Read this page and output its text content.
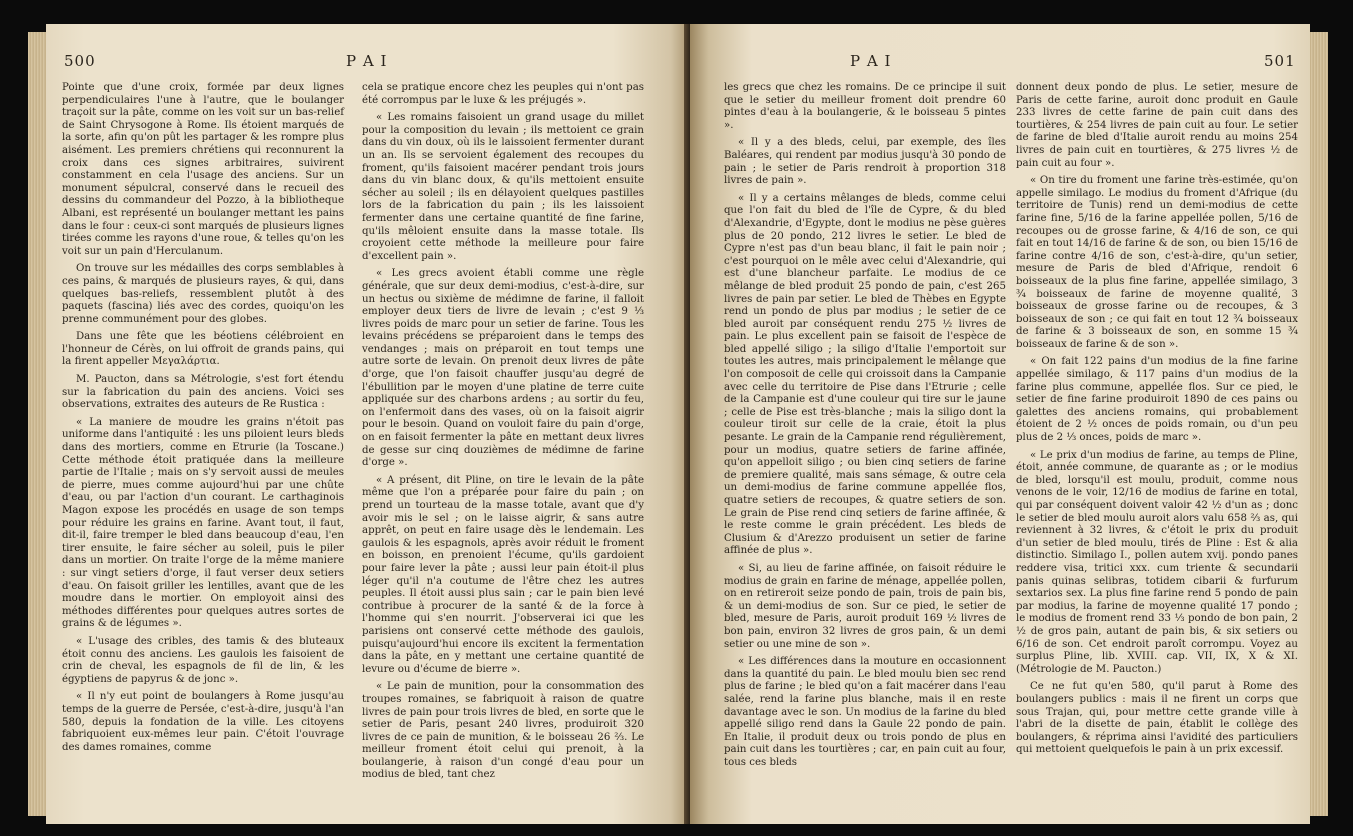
500	P A I

Pointe que d'une croix, formée par deux lignes perpendiculaires l'une à l'autre, que le boulanger traçoit sur la pâte, comme on les voit sur un bas-relief de Saint Chrysogone à Rome. Ils étoient marqués de la sorte, afin qu'on pût les partager & les rompre plus aisément. Les premiers chrétiens qui reconnurent la croix dans ces signes arbitraires, suivirent constamment en cela l'usage des anciens. Sur un monument sépulcral, conservé dans le recueil des dessins du commandeur del Pozzo, à la bibliotheque Albani, est représenté un boulanger mettant les pains dans le four : ceux-ci sont marqués de plusieurs lignes tirées comme les rayons d'une roue, & telles qu'on les voit sur un pain d'Herculanum.

On trouve sur les médailles des corps semblables à ces pains, & marqués de plusieurs rayes, & qui, dans quelques bas-reliefs, ressemblent plutôt à des paquets (fascina) liés avec des cordes, quoiqu'on les prenne communément pour des globes.

Dans une fête que les béotiens célébroient en l'honneur de Cérès, on lui offroit de grands pains, qui la firent appeller Μεγαλάρτια.

M. Paucton, dans sa Métrologie, s'est fort étendu sur la fabrication du pain des anciens. Voici ses observations, extraites des auteurs de Re Rustica :

« La maniere de moudre les grains n'étoit pas uniforme dans l'antiquité : les uns piloient leurs bleds dans des mortiers, comme en Etrurie (la Toscane.) Cette méthode étoit pratiquée dans la meilleure partie de l'Italie ; mais on s'y servoit aussi de meules de pierre, mues comme aujourd'hui par une chûte d'eau, ou par l'action d'un courant. Le carthaginois Magon expose les procédés en usage de son temps pour réduire les grains en farine. Avant tout, il faut, dit-il, faire tremper le bled dans beaucoup d'eau, l'en tirer ensuite, le faire sécher au soleil, puis le piler dans un mortier. On traite l'orge de la même maniere : sur vingt setiers d'orge, il faut verser deux setiers d'eau. On faisoit griller les lentilles, avant que de les moudre dans le mortier. On employoit ainsi des méthodes différentes pour quelques autres sortes de grains & de légumes ».

« L'usage des cribles, des tamis & des bluteaux étoit connu des anciens. Les gaulois les faisoient de crin de cheval, les espagnols de fil de lin, & les égyptiens de papyrus & de jonc ».

« Il n'y eut point de boulangers à Rome jusqu'au temps de la guerre de Persée, c'est-à-dire, jusqu'à l'an 580, depuis la fondation de la ville. Les citoyens fabriquoient eux-mêmes leur pain. C'étoit l'ouvrage des dames romaines, comme

cela se pratique encore chez les peuples qui n'ont pas été corrompus par le luxe & les préjugés ».

« Les romains faisoient un grand usage du millet pour la composition du levain ; ils mettoient ce grain dans du vin doux, où ils le laissoient fermenter durant un an. Ils se servoient également des recoupes du froment, qu'ils faisoient macérer pendant trois jours dans du vin blanc doux, & qu'ils mettoient ensuite sécher au soleil ; ils en délayoient quelques pastilles lors de la fabrication du pain ; ils les laissoient fermenter dans une certaine quantité de fine farine, qu'ils mêloient ensuite dans la masse totale. Ils croyoient cette méthode la meilleure pour faire d'excellent pain ».

« Les grecs avoient établi comme une règle générale, que sur deux demi-modius, c'est-à-dire, sur un hectus ou sixième de médimne de farine, il falloit employer deux tiers de livre de levain ; c'est 9 ⅓ livres poids de marc pour un setier de farine. Tous les levains précédens se préparoient dans le temps des vendanges ; mais on préparoit en tout temps une autre sorte de levain. On prenoit deux livres de pâte d'orge, que l'on faisoit chauffer jusqu'au degré de l'ébullition par le moyen d'une platine de terre cuite appliquée sur des charbons ardens ; au sortir du feu, on l'enfermoit dans des vases, où on la faisoit aigrir pour le besoin. Quand on vouloit faire du pain d'orge, on en faisoit fermenter la pâte en mettant deux livres de gesse sur cinq douzièmes de médimne de farine d'orge ».

« A présent, dit Pline, on tire le levain de la pâte même que l'on a préparée pour faire du pain ; on prend un tourteau de la masse totale, avant que d'y avoir mis le sel ; on le laisse aigrir, & sans autre apprêt, on peut en faire usage dès le lendemain. Les gaulois & les espagnols, après avoir réduit le froment en boisson, en prenoient l'écume, qu'ils gardoient pour faire lever la pâte ; aussi leur pain étoit-il plus léger qu'il n'a coutume de l'être chez les autres peuples. Il étoit aussi plus sain ; car le pain bien levé contribue à procurer de la santé & de la force à l'homme qui s'en nourrit. J'observerai ici que les parisiens ont conservé cette méthode des gaulois, puisqu'aujourd'hui encore ils excitent la fermentation dans la pâte, en y mettant une certaine quantité de levure ou d'écume de bierre ».

« Le pain de munition, pour la consommation des troupes romaines, se fabriquoit à raison de quatre livres de pain pour trois livres de bled, en sorte que le setier de Paris, pesant 240 livres, produiroit 320 livres de ce pain de munition, & le boisseau 26 ⅔. Le meilleur froment étoit celui qui prenoit, à la boulangerie, à raison d'un congé d'eau pour un modius de bled, tant chez

P A I	501

les grecs que chez les romains. De ce principe il suit que le setier du meilleur froment doit prendre 60 pintes d'eau à la boulangerie, & le boisseau 5 pintes ».

« Il y a des bleds, celui, par exemple, des îles Baléares, qui rendent par modius jusqu'à 30 pondo de pain ; le setier de Paris rendroit à proportion 318 livres de pain ».

« Il y a certains mêlanges de bleds, comme celui que l'on fait du bled de l'île de Cypre, & du bled d'Alexandrie, d'Egypte, dont le modius ne pèse guères plus de 20 pondo, 212 livres le setier. Le bled de Cypre n'est pas d'un beau blanc, il fait le pain noir ; c'est pourquoi on le mêle avec celui d'Alexandrie, qui est d'une blancheur parfaite. Le modius de ce mêlange de bled produit 25 pondo de pain, c'est 265 livres de pain par setier. Le bled de Thèbes en Egypte rend un pondo de plus par modius ; le setier de ce bled auroit par conséquent rendu 275 ½ livres de pain. Le plus excellent pain se faisoit de l'espèce de bled appellé siligo ; la siligo d'Italie l'emportoit sur toutes les autres, mais principalement le mêlange que l'on composoit de celle qui croissoit dans la Campanie avec celle du territoire de Pise dans l'Etrurie ; celle de la Campanie est d'une couleur qui tire sur le jaune ; celle de Pise est très-blanche ; mais la siligo dont la couleur tiroit sur celle de la craie, étoit la plus pesante. Le grain de la Campanie rend régulièrement, pour un modius, quatre setiers de farine affinée, qu'on appelloit siligo ; ou bien cinq setiers de farine de premiere qualité, mais sans sémage, & outre cela un demi-modius de farine commune appellée flos, quatre setiers de recoupes, & quatre setiers de son. Le grain de Pise rend cinq setiers de farine affinée, & le reste comme le grain précédent. Les bleds de Clusium & d'Arezzo produisent un setier de farine affinée de plus ».

« Si, au lieu de farine affinée, on faisoit réduire le modius de grain en farine de ménage, appellée pollen, on en retireroit seize pondo de pain, trois de pain bis, & un demi-modius de son. Sur ce pied, le setier de bled, mesure de Paris, auroit produit 169 ½ livres de bon pain, environ 32 livres de gros pain, & un demi setier ou une mine de son ».

« Les différences dans la mouture en occasionnent dans la quantité du pain. Le bled moulu bien sec rend plus de farine ; le bled qu'on a fait macérer dans l'eau salée, rend la farine plus blanche, mais il en reste davantage avec le son. Un modius de la farine du bled appellé siligo rend dans la Gaule 22 pondo de pain. En Italie, il produit deux ou trois pondo de plus en pain cuit dans les tourtières ; car, en pain cuit au four, tous ces bleds

donnent deux pondo de plus. Le setier, mesure de Paris de cette farine, auroit donc produit en Gaule 233 livres de cette farine de pain cuit dans des tourtières, & 254 livres de pain cuit au four. Le setier de farine de bled d'Italie auroit rendu au moins 254 livres de pain cuit en tourtières, & 275 livres ½ de pain cuit au four ».

« On tire du froment une farine très-estimée, qu'on appelle similago. Le modius du froment d'Afrique (du territoire de Tunis) rend un demi-modius de cette farine fine, 5/16 de la farine appellée pollen, 5/16 de recoupes ou de grosse farine, & 4/16 de son, ce qui fait en tout 14/16 de farine & de son, ou bien 15/16 de farine contre 4/16 de son, c'est-à-dire, qu'un setier, mesure de Paris de bled d'Afrique, rendoit 6 boisseaux de la plus fine farine, appellée similago, 3 ¾ boisseaux de farine de moyenne qualité, 3 boisseaux de grosse farine ou de recoupes, & 3 boisseaux de son ; ce qui fait en tout 12 ¾ boisseaux de farine & 3 boisseaux de son, en somme 15 ¾ boisseaux de farine & de son ».

« On fait 122 pains d'un modius de la fine farine appellée similago, & 117 pains d'un modius de la farine plus commune, appellée flos. Sur ce pied, le setier de fine farine produiroit 1890 de ces pains ou galettes des anciens romains, qui probablement étoient de 2 ½ onces de poids romain, ou d'un peu plus de 2 ⅓ onces, poids de marc ».

« Le prix d'un modius de farine, au temps de Pline, étoit, année commune, de quarante as ; or le modius de bled, lorsqu'il est moulu, produit, comme nous venons de le voir, 12/16 de modius de farine en total, qui par conséquent doivent valoir 42 ½ d'un as ; donc le setier de bled moulu auroit alors valu 658 ⅔ as, qui reviennent à 32 livres, & c'étoit le prix du produit d'un setier de bled moulu, tirés de Pline : Est & alia distinctio. Similago I., pollen autem xvij. pondo panes reddere visa, tritici xxx. cum triente & secundarii panis quinas selibras, totidem cibarii & furfurum sextarios sex. La plus fine farine rend 5 pondo de pain par modius, la farine de moyenne qualité 17 pondo ; le modius de froment rend 33 ⅓ pondo de bon pain, 2 ½ de gros pain, autant de pain bis, & six setiers ou 6/16 de son. Cet endroit paroît corrompu. Voyez au surplus Pline, lib. XVIII. cap. VII, IX, X & XI. (Métrologie de M. Paucton.)

Ce ne fut qu'en 580, qu'il parut à Rome des boulangers publics : mais il ne firent un corps que sous Trajan, qui, pour mettre cette grande ville à l'abri de la disette de pain, établit le collège des boulangers, & réprima ainsi l'avidité des particuliers qui mettoient quelquefois le pain à un prix excessif.
